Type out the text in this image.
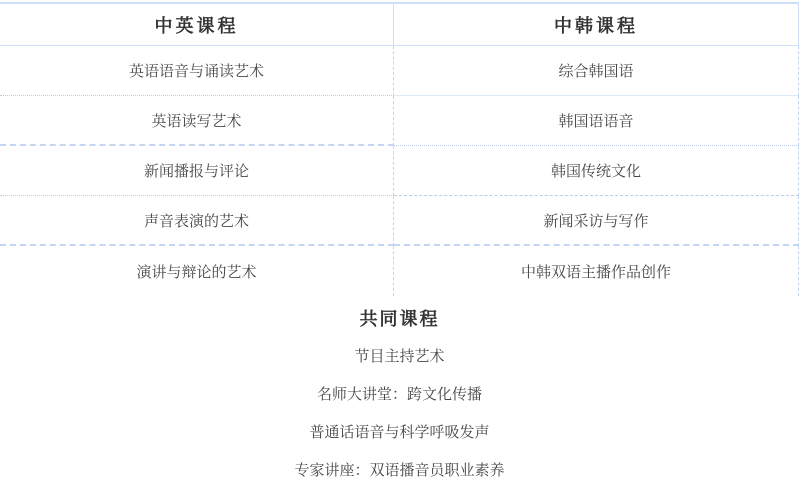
中英课程
英语语音与诵读艺术
英语读写艺术
新闻播报与评论
声音表演的艺术
演讲与辩论的艺术
中韩课程
综合韩国语
韩国语语音
韩国传统文化
新闻采访与写作
中韩双语主播作品创作
共同课程
节目主持艺术
名师大讲堂：跨文化传播
普通话语音与科学呼吸发声
专家讲座：双语播音员职业素养
